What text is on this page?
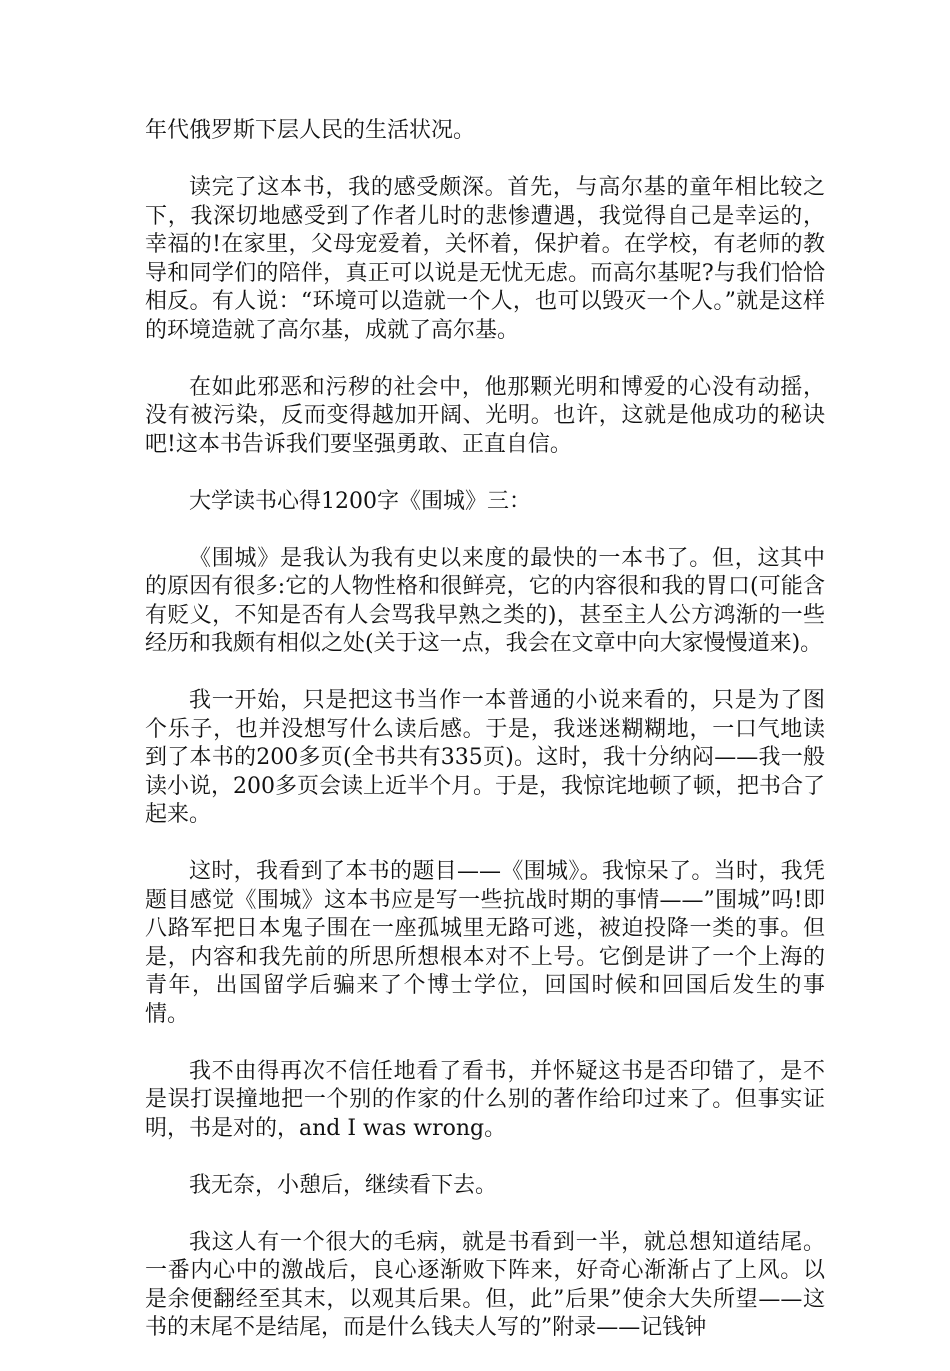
年代俄罗斯下层人民的生活状况。

读完了这本书，我的感受颇深。首先，与高尔基的童年相比较之下，我深切地感受到了作者儿时的悲惨遭遇，我觉得自己是幸运的，幸福的!在家里，父母宠爱着，关怀着，保护着。在学校，有老师的教导和同学们的陪伴，真正可以说是无忧无虑。而高尔基呢?与我们恰恰相反。有人说：“环境可以造就一个人，也可以毁灭一个人。”就是这样的环境造就了高尔基，成就了高尔基。

在如此邪恶和污秽的社会中，他那颗光明和博爱的心没有动摇，没有被污染，反而变得越加开阔、光明。也许，这就是他成功的秘诀吧!这本书告诉我们要坚强勇敢、正直自信。

大学读书心得1200字《围城》三：

《围城》是我认为我有史以来度的最快的一本书了。但，这其中的原因有很多:它的人物性格和很鲜亮，它的内容很和我的胃口(可能含有贬义，不知是否有人会骂我早熟之类的)，甚至主人公方鸿渐的一些经历和我颇有相似之处(关于这一点，我会在文章中向大家慢慢道来)。

我一开始，只是把这书当作一本普通的小说来看的，只是为了图个乐子，也并没想写什么读后感。于是，我迷迷糊糊地，一口气地读到了本书的200多页(全书共有335页)。这时，我十分纳闷——我一般读小说，200多页会读上近半个月。于是，我惊诧地顿了顿，把书合了起来。

这时，我看到了本书的题目——《围城》。我惊呆了。当时，我凭题目感觉《围城》这本书应是写一些抗战时期的事情——”围城”吗!即八路军把日本鬼子围在一座孤城里无路可逃，被迫投降一类的事。但是，内容和我先前的所思所想根本对不上号。它倒是讲了一个上海的青年，出国留学后骗来了个博士学位，回国时候和回国后发生的事情。

我不由得再次不信任地看了看书，并怀疑这书是否印错了，是不是误打误撞地把一个别的作家的什么别的著作给印过来了。但事实证明，书是对的，and I was wrong。

我无奈，小憩后，继续看下去。

我这人有一个很大的毛病，就是书看到一半，就总想知道结尾。一番内心中的激战后，良心逐渐败下阵来，好奇心渐渐占了上风。以是余便翻经至其末，以观其后果。但，此”后果”使余大失所望——这书的末尾不是结尾，而是什么钱夫人写的”附录——记钱钟
